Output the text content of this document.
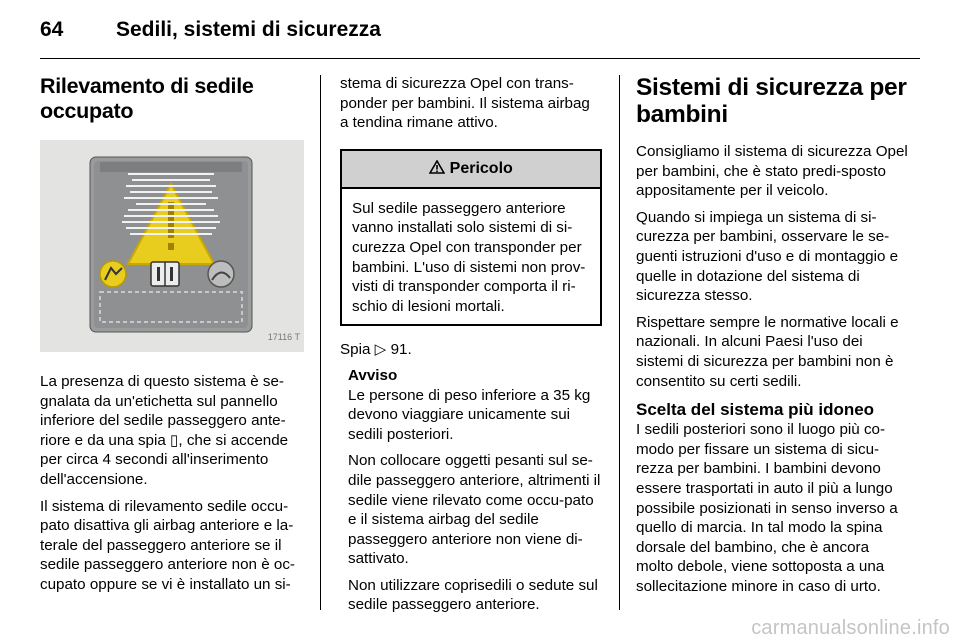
64	Sedili, sistemi di sicurezza
Rilevamento di sedile occupato
17116 T

La presenza di questo sistema è se-gnalata da un'etichetta sul pannello inferiore del sedile passeggero ante-riore e da una spia ▯, che si accende per circa 4 secondi all'inserimento dell'accensione.

Il sistema di rilevamento sedile occu-pato disattiva gli airbag anteriore e la-terale del passeggero anteriore se il sedile passeggero anteriore non è oc-cupato oppure se vi è installato un si-

stema di sicurezza Opel con trans-ponder per bambini. Il sistema airbag a tendina rimane attivo.

Pericolo
Sul sedile passeggero anteriore vanno installati solo sistemi di si-curezza Opel con transponder per bambini. L'uso di sistemi non prov-visti di transponder comporta il ri-schio di lesioni mortali.

Spia ▷ 91.

Avviso

Le persone di peso inferiore a 35 kg devono viaggiare unicamente sui sedili posteriori.

Non collocare oggetti pesanti sul se-dile passeggero anteriore, altrimenti il sedile viene rilevato come occu-pato e il sistema airbag del sedile passeggero anteriore non viene di-sattivato.

Non utilizzare coprisedili o sedute sul sedile passeggero anteriore.

Sistemi di sicurezza per bambini

Consigliamo il sistema di sicurezza Opel per bambini, che è stato predi-sposto appositamente per il veicolo.

Quando si impiega un sistema di si-curezza per bambini, osservare le se-guenti istruzioni d'uso e di montaggio e quelle in dotazione del sistema di sicurezza stesso.

Rispettare sempre le normative locali e nazionali. In alcuni Paesi l'uso dei sistemi di sicurezza per bambini non è consentito su certi sedili.

Scelta del sistema più idoneo

I sedili posteriori sono il luogo più co-modo per fissare un sistema di sicu-rezza per bambini. I bambini devono essere trasportati in auto il più a lungo possibile posizionati in senso inverso a quello di marcia. In tal modo la spina dorsale del bambino, che è ancora molto debole, viene sottoposta a una sollecitazione minore in caso di urto.

carmanualsonline.info
